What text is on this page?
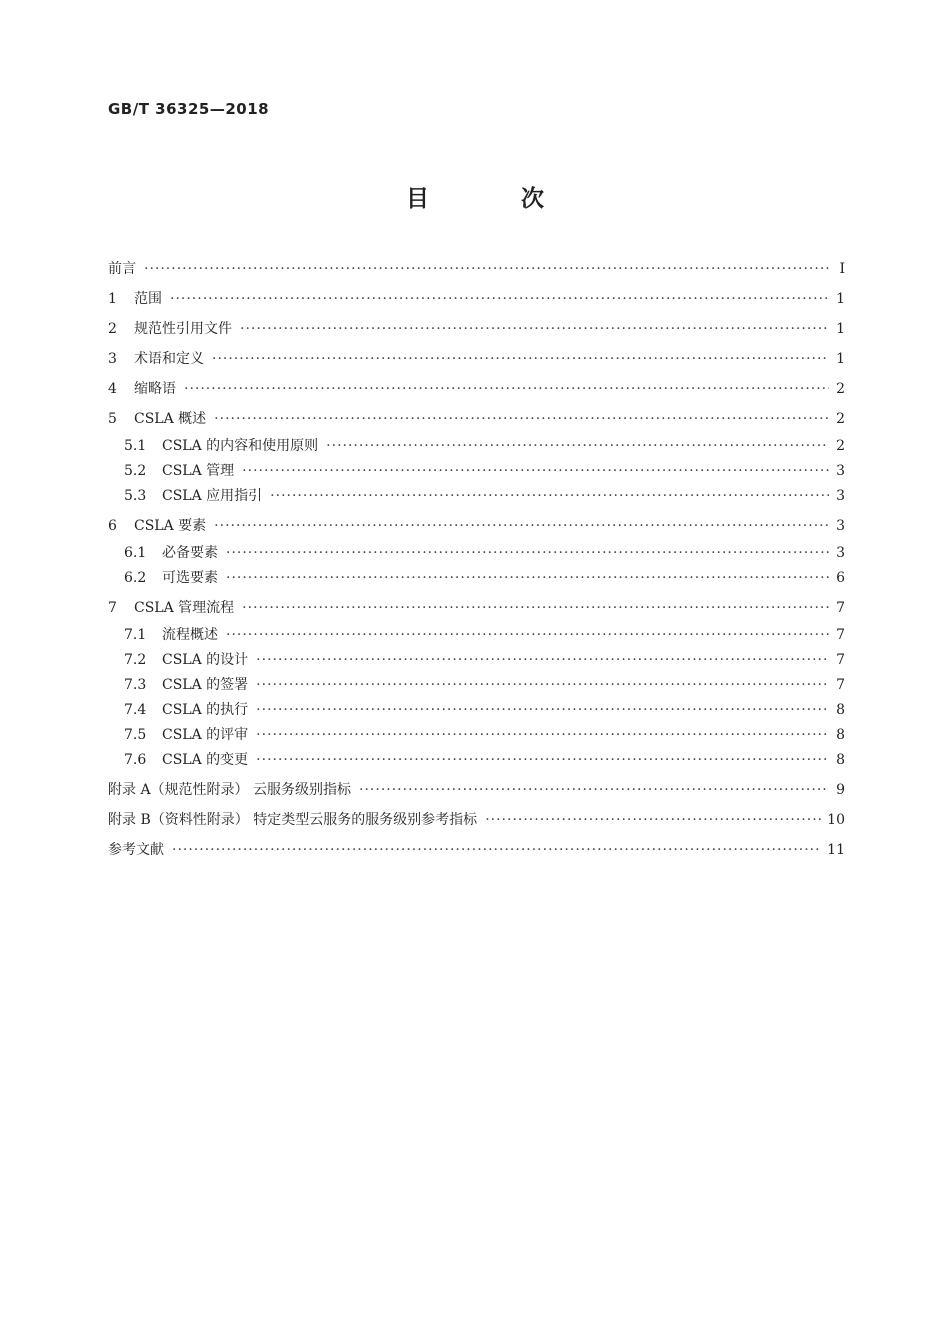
GB/T 36325—2018
目 次
前言 ·····	Ⅰ
1	范围 ·····	1
2	规范性引用文件 ·····	1
3	术语和定义 ·····	1
4	缩略语 ·····	2
5	CSLA 概述 ·····	2
5.1	CSLA 的内容和使用原则 ·····	2
5.2	CSLA 管理 ·····	3
5.3	CSLA 应用指引 ·····	3
6	CSLA 要素 ·····	3
6.1	必备要素 ·····	3
6.2	可选要素 ·····	6
7	CSLA 管理流程 ·····	7
7.1	流程概述 ·····	7
7.2	CSLA 的设计 ·····	7
7.3	CSLA 的签署 ·····	7
7.4	CSLA 的执行 ·····	8
7.5	CSLA 的评审 ·····	8
7.6	CSLA 的变更 ·····	8
附录 A（规范性附录） 云服务级别指标 ·····	9
附录 B（资料性附录） 特定类型云服务的服务级别参考指标 ·····	10
参考文献 ·····	11
